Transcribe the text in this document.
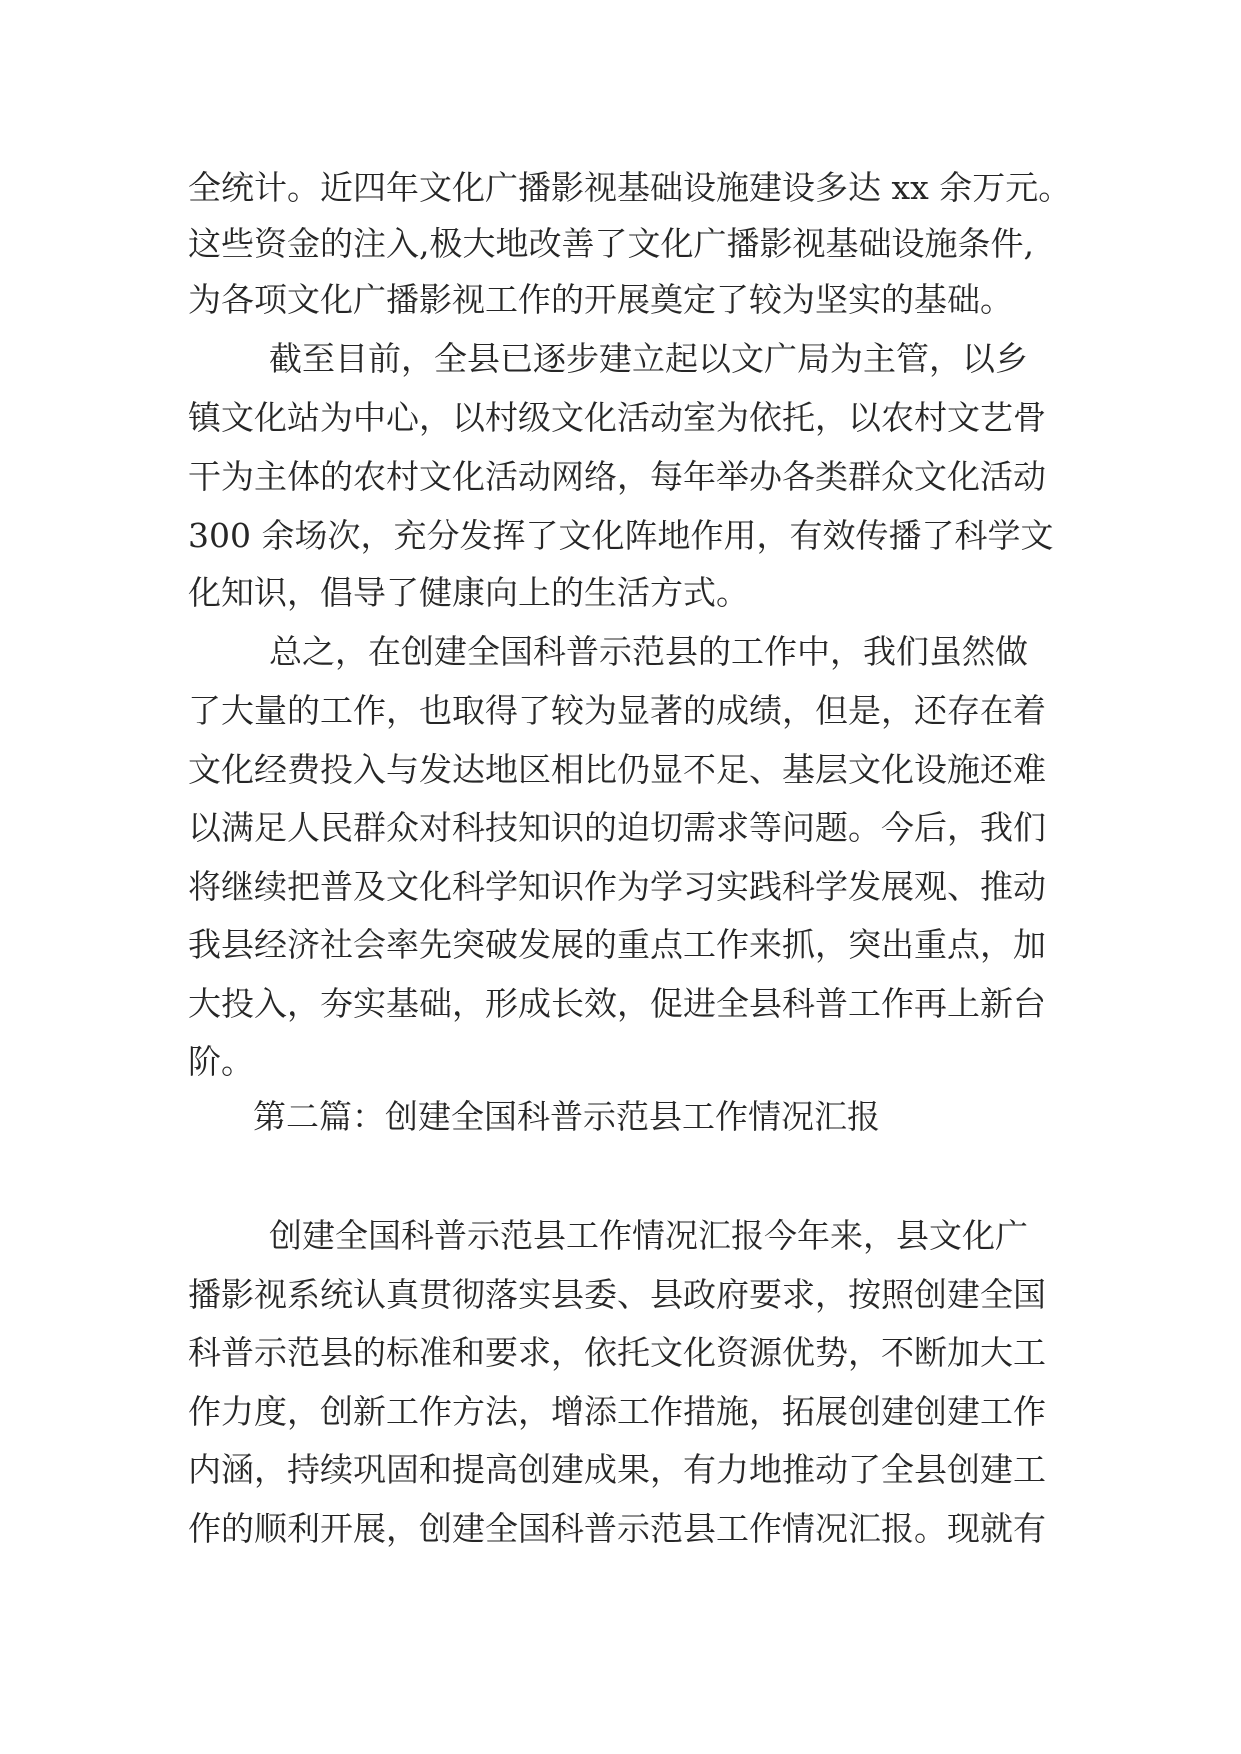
全统计。近四年文化广播影视基础设施建设多达 xx 余万元。
这些资金的注入,极大地改善了文化广播影视基础设施条件,
为各项文化广播影视工作的开展奠定了较为坚实的基础。
截至目前，全县已逐步建立起以文广局为主管，以乡
镇文化站为中心，以村级文化活动室为依托，以农村文艺骨
干为主体的农村文化活动网络，每年举办各类群众文化活动
300 余场次，充分发挥了文化阵地作用，有效传播了科学文
化知识，倡导了健康向上的生活方式。
总之，在创建全国科普示范县的工作中，我们虽然做
了大量的工作，也取得了较为显著的成绩，但是，还存在着
文化经费投入与发达地区相比仍显不足、基层文化设施还难
以满足人民群众对科技知识的迫切需求等问题。今后，我们
将继续把普及文化科学知识作为学习实践科学发展观、推动
我县经济社会率先突破发展的重点工作来抓，突出重点，加
大投入，夯实基础，形成长效，促进全县科普工作再上新台
阶。
第二篇：创建全国科普示范县工作情况汇报
创建全国科普示范县工作情况汇报今年来，县文化广
播影视系统认真贯彻落实县委、县政府要求，按照创建全国
科普示范县的标准和要求，依托文化资源优势，不断加大工
作力度，创新工作方法，增添工作措施，拓展创建创建工作
内涵，持续巩固和提高创建成果，有力地推动了全县创建工
作的顺利开展，创建全国科普示范县工作情况汇报。现就有
